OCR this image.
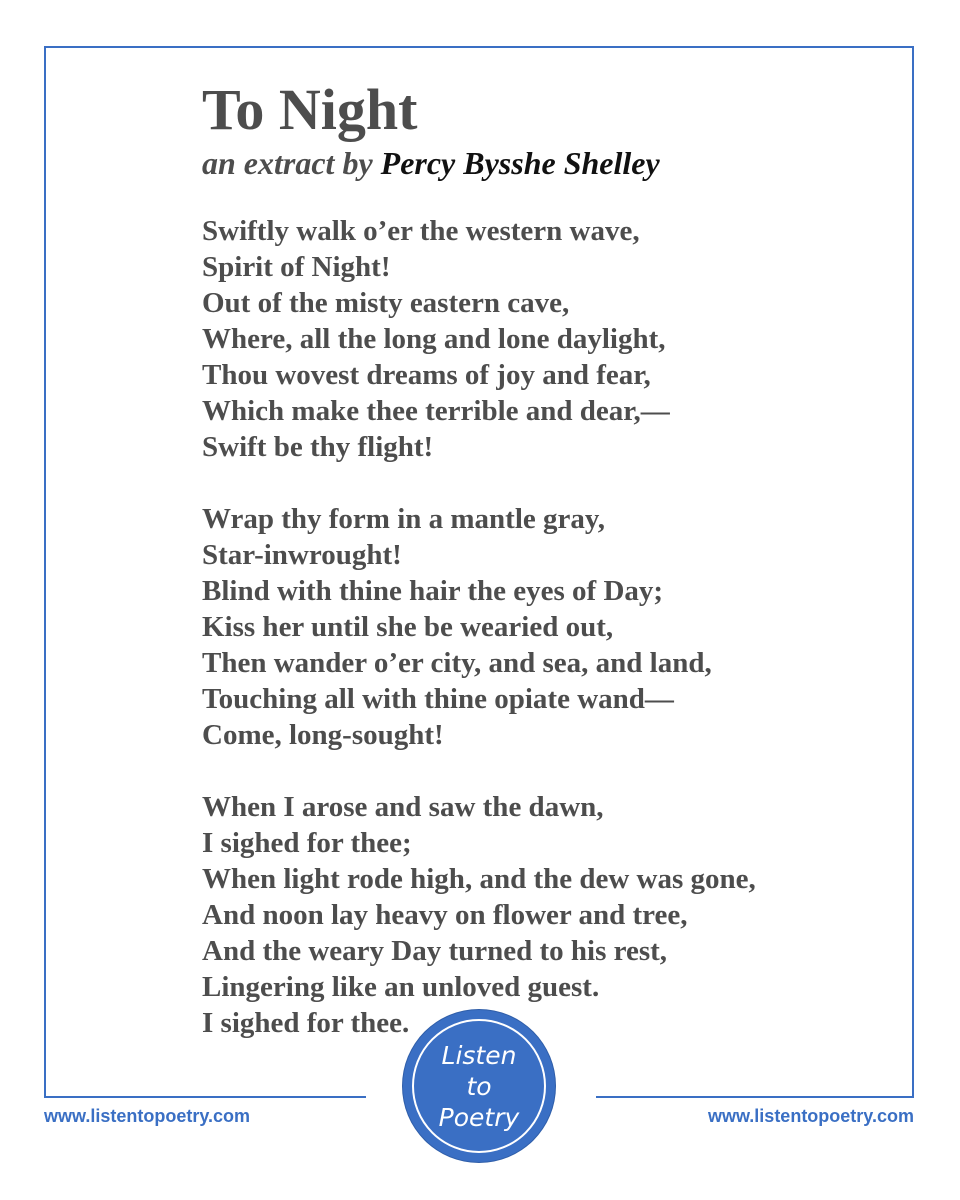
To Night
an extract by Percy Bysshe Shelley
Swiftly walk o’er the western wave,
Spirit of Night!
Out of the misty eastern cave,
Where, all the long and lone daylight,
Thou wovest dreams of joy and fear,
Which make thee terrible and dear,—
Swift be thy flight!
Wrap thy form in a mantle gray,
Star-inwrought!
Blind with thine hair the eyes of Day;
Kiss her until she be wearied out,
Then wander o’er city, and sea, and land,
Touching all with thine opiate wand—
Come, long-sought!
When I arose and saw the dawn,
I sighed for thee;
When light rode high, and the dew was gone,
And noon lay heavy on flower and tree,
And the weary Day turned to his rest,
Lingering like an unloved guest.
I sighed for thee.
www.listentopoetry.com	www.listentopoetry.com
Listen
to
Poetry
